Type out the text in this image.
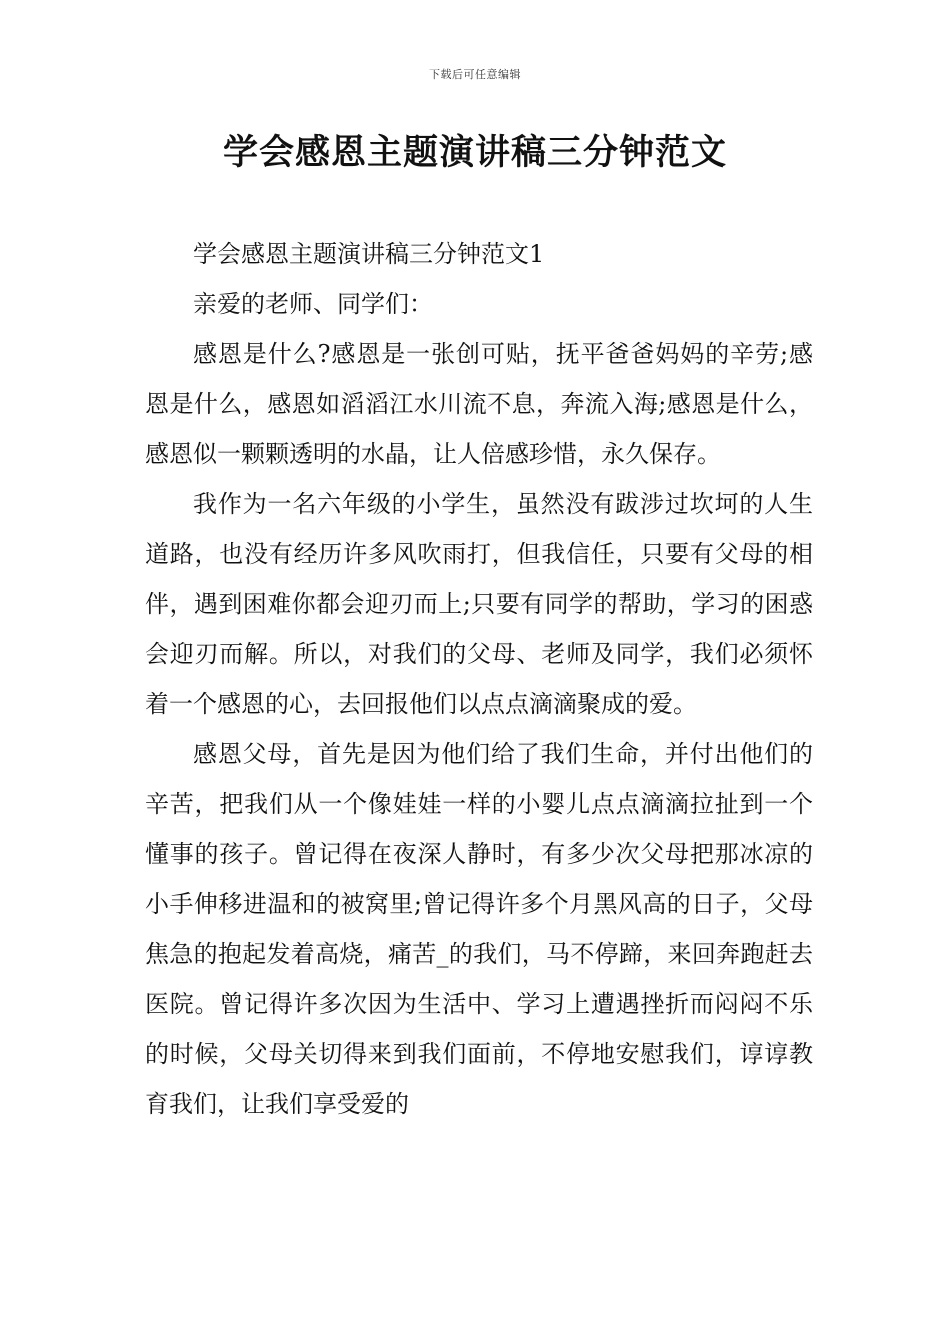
下载后可任意编辑
学会感恩主题演讲稿三分钟范文

学会感恩主题演讲稿三分钟范文1

亲爱的老师、同学们：

感恩是什么?感恩是一张创可贴，抚平爸爸妈妈的辛劳;感恩是什么，感恩如滔滔江水川流不息，奔流入海;感恩是什么，感恩似一颗颗透明的水晶，让人倍感珍惜，永久保存。

我作为一名六年级的小学生，虽然没有跋涉过坎坷的人生道路，也没有经历许多风吹雨打，但我信任，只要有父母的相伴，遇到困难你都会迎刃而上;只要有同学的帮助，学习的困惑会迎刃而解。所以，对我们的父母、老师及同学，我们必须怀着一个感恩的心，去回报他们以点点滴滴聚成的爱。

感恩父母，首先是因为他们给了我们生命，并付出他们的辛苦，把我们从一个像娃娃一样的小婴儿点点滴滴拉扯到一个懂事的孩子。曾记得在夜深人静时，有多少次父母把那冰凉的小手伸移进温和的被窝里;曾记得许多个月黑风高的日子，父母焦急的抱起发着高烧，痛苦_的我们，马不停蹄，来回奔跑赶去医院。曾记得许多次因为生活中、学习上遭遇挫折而闷闷不乐的时候，父母关切得来到我们面前，不停地安慰我们，谆谆教育我们，让我们享受爱的
